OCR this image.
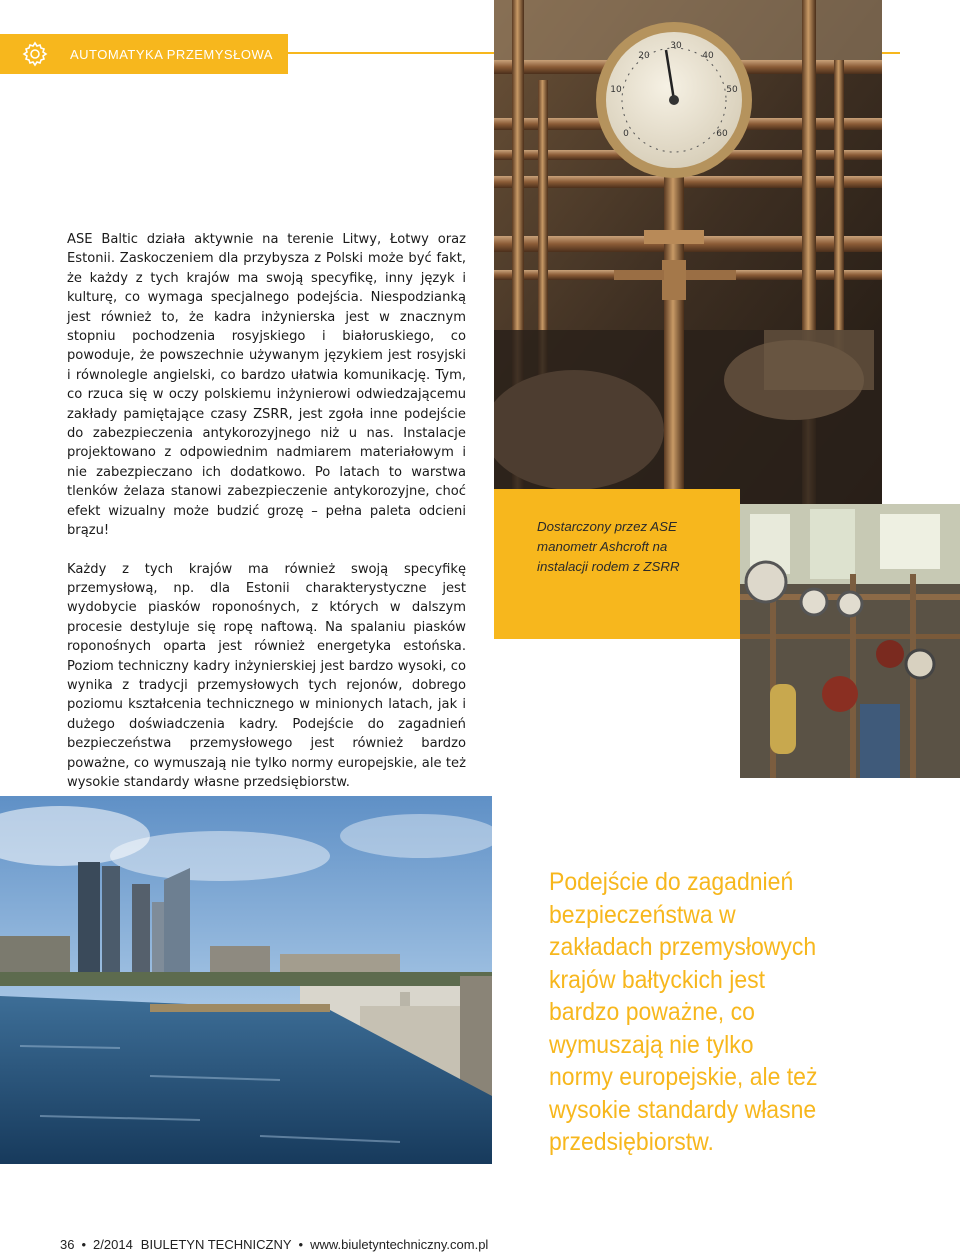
AUTOMATYKA PRZEMYSŁOWA

ASE Baltic działa aktywnie na terenie Litwy, Łotwy oraz Estonii. Zaskoczeniem dla przybysza z Polski może być fakt, że każdy z tych krajów ma swoją specyfikę, inny język i kulturę, co wymaga specjalnego podejścia. Niespodzianką jest również to, że kadra inżynierska jest w znacznym stopniu pochodzenia rosyjskiego i białoruskiego, co powoduje, że powszechnie używanym językiem jest rosyjski i równolegle angielski, co bardzo ułatwia komunikację. Tym, co rzuca się w oczy polskiemu inżynierowi odwiedzającemu zakłady pamiętające czasy ZSRR, jest zgoła inne podejście do zabezpieczenia antykorozyjnego niż u nas. Instalacje projektowano z odpowiednim nadmiarem materiałowym i nie zabezpieczano ich dodatkowo. Po latach to warstwa tlenków żelaza stanowi zabezpieczenie antykorozyjne, choć efekt wizualny może budzić grozę – pełna paleta odcieni brązu!

Każdy z tych krajów ma również swoją specyfikę przemysłową, np. dla Estonii charakterystyczne jest wydobycie piasków roponośnych, z których w dalszym procesie destyluje się ropę naftową. Na spalaniu piasków roponośnych oparta jest również energetyka estońska. Poziom techniczny kadry inżynierskiej jest bardzo wysoki, co wynika z tradycji przemysłowych tych rejonów, dobrego poziomu kształcenia technicznego w minionych latach, jak i dużego doświadczenia kadry. Podejście do zagadnień bezpieczeństwa przemysłowego jest również bardzo poważne, co wymuszają nie tylko normy europejskie, ale też wysokie standardy własne przedsiębiorstw.

0
10
20
30
40
50
60
Dostarczony przez ASE
manometr Ashcroft na
instalacji rodem z ZSRR
Podejście do zagadnień
bezpieczeństwa w
zakładach przemysłowych
krajów bałtyckich jest
bardzo poważne, co
wymuszają nie tylko
normy europejskie, ale też
wysokie standardy własne
przedsiębiorstw.
36 • 2/2014 BIULETYN TECHNICZNY • www.biuletyntechniczny.com.pl
